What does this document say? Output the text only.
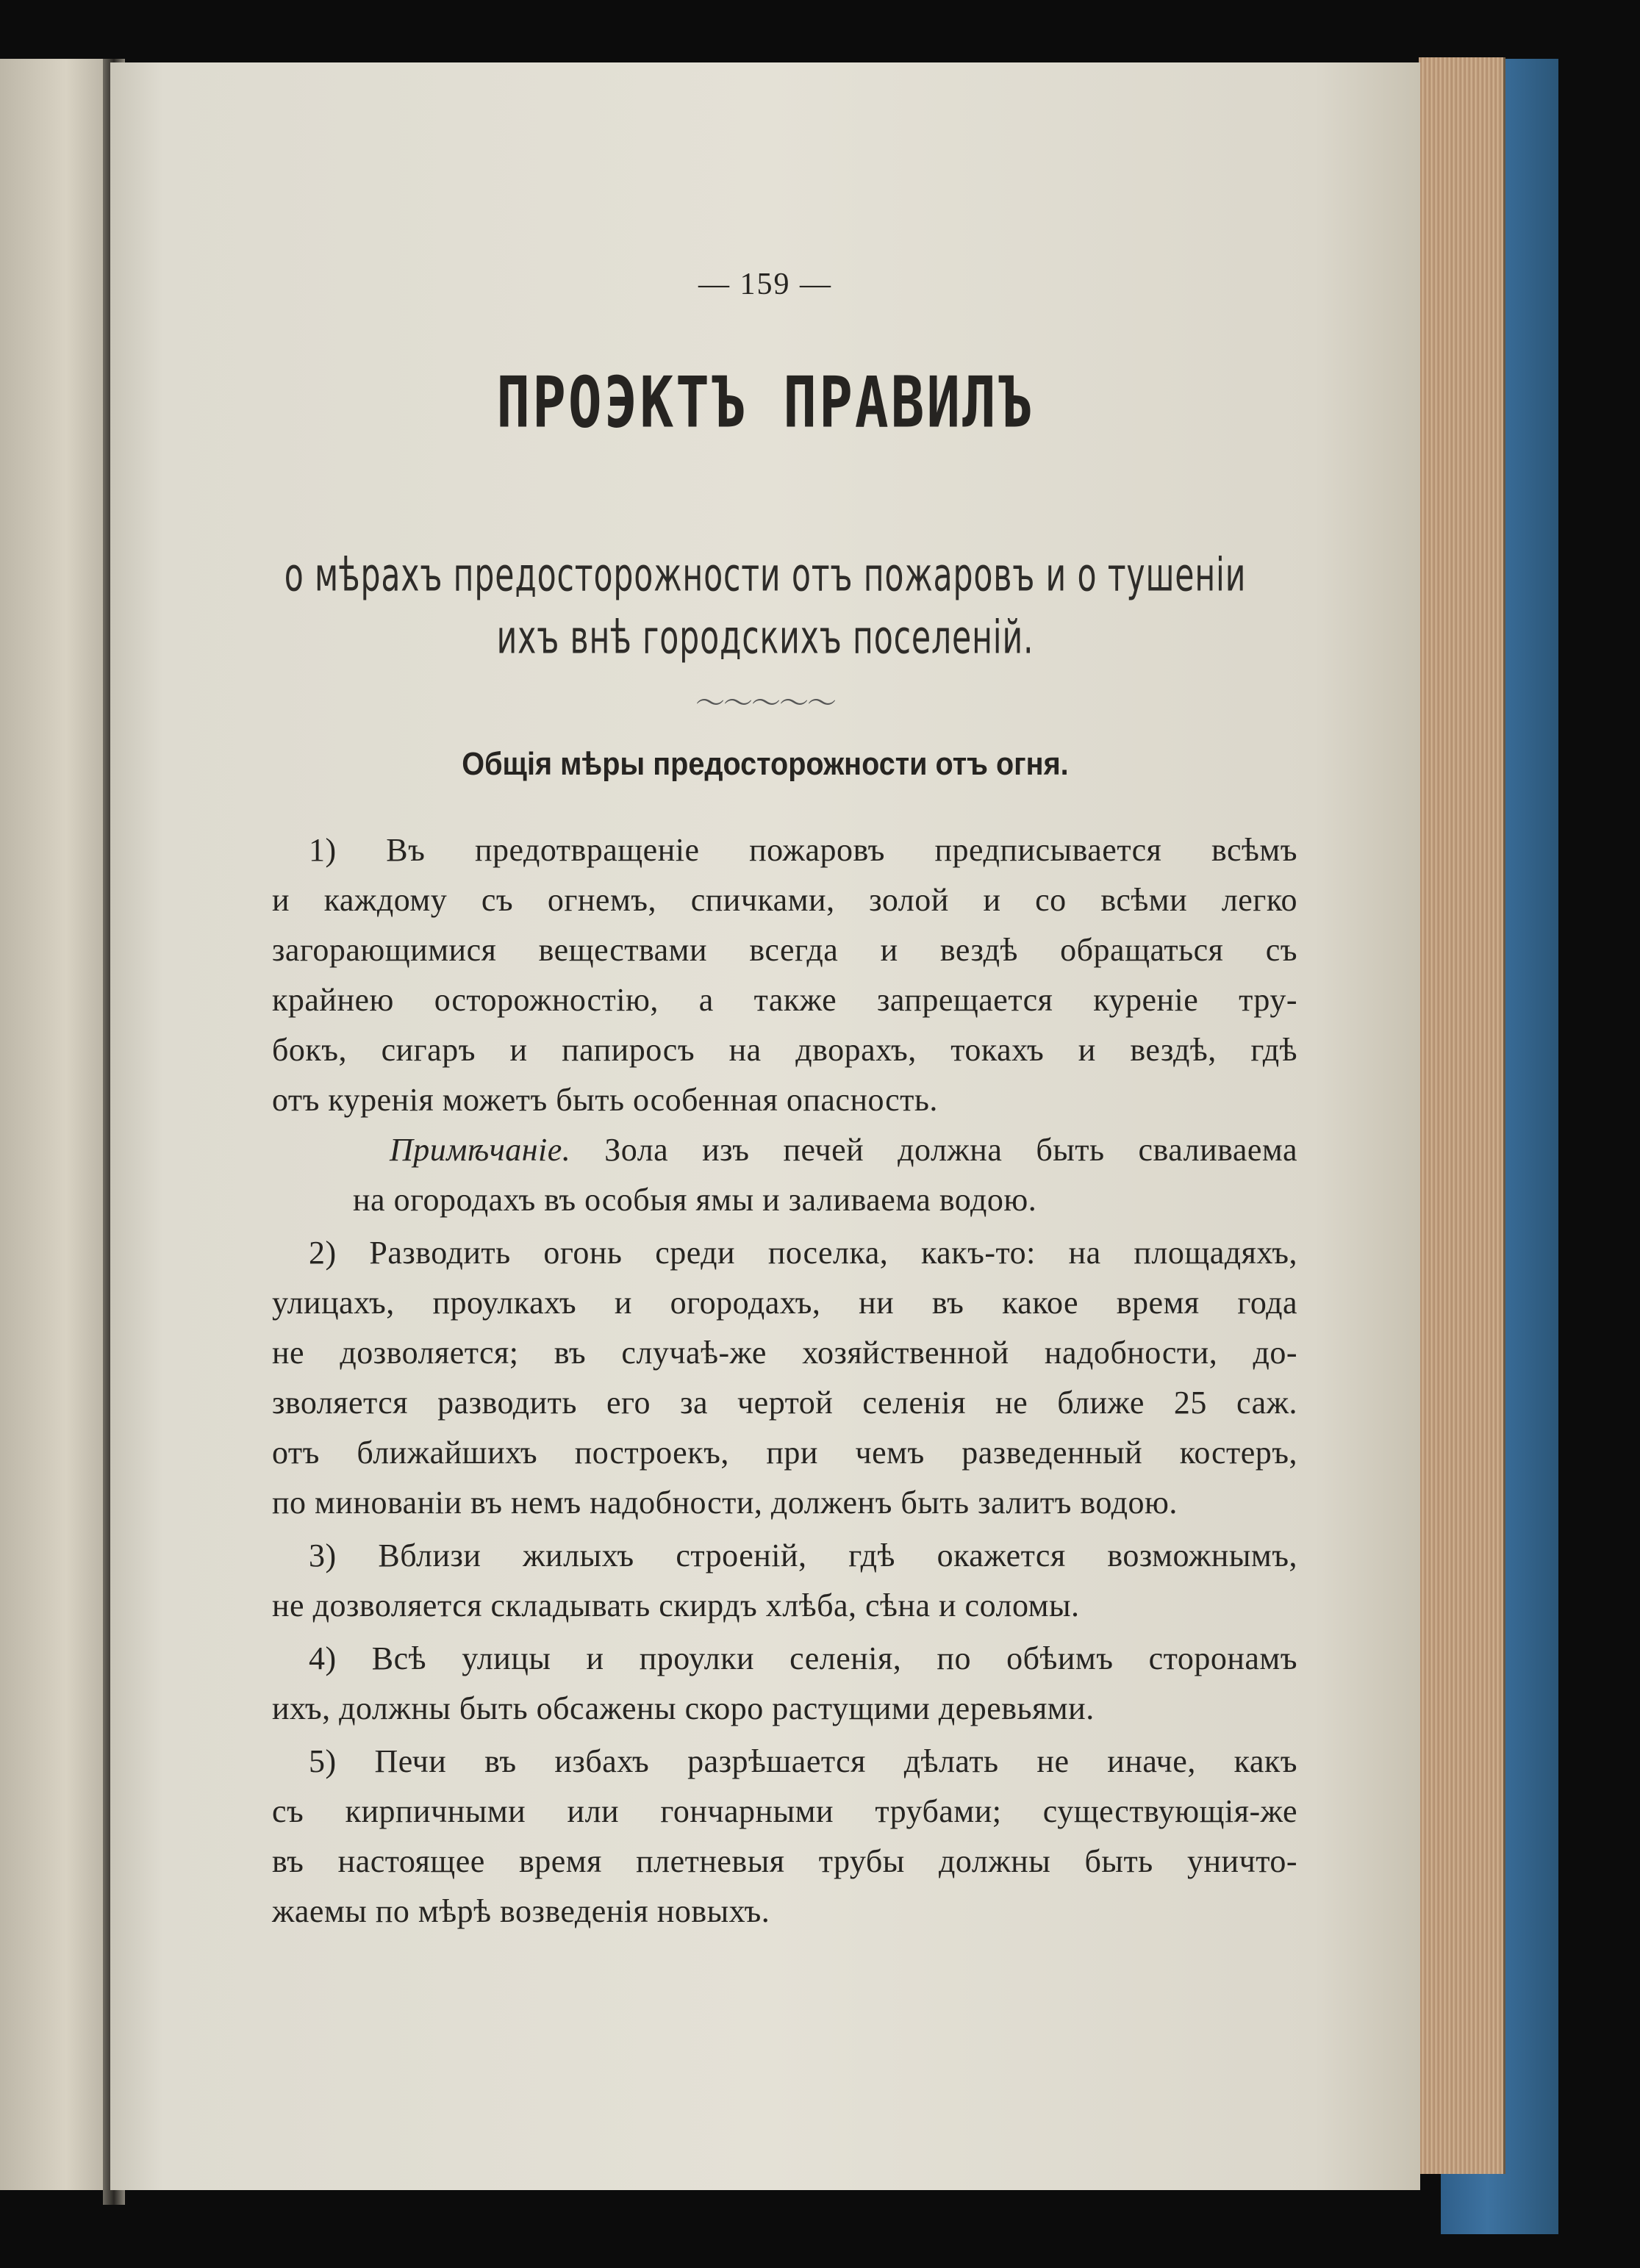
— 159 —
ПРОЭКТЪ ПРАВИЛЪ
о мѣрахъ предосторожности отъ пожаровъ и о тушеніи
ихъ внѣ городскихъ поселеній.
～～～～～
Общія мѣры предосторожности отъ огня.
1) Въ предотвращеніе пожаровъ предписывается всѣмъ
и каждому съ огнемъ, спичками, золой и со всѣми легко
загорающимися веществами всегда и вездѣ обращаться съ
крайнею осторожностію, а также запрещается куреніе тру-
бокъ, сигаръ и папиросъ на дворахъ, токахъ и вездѣ, гдѣ
отъ куренія можетъ быть особенная опасность.
Примѣчаніе. Зола изъ печей должна быть сваливаема
на огородахъ въ особыя ямы и заливаема водою.
2) Разводить огонь среди поселка, какъ-то: на площадяхъ,
улицахъ, проулкахъ и огородахъ, ни въ какое время года
не дозволяется; въ случаѣ-же хозяйственной надобности, до-
зволяется разводить его за чертой селенія не ближе 25 саж.
отъ ближайшихъ построекъ, при чемъ разведенный костеръ,
по минованіи въ немъ надобности, долженъ быть залитъ водою.
3) Вблизи жилыхъ строеній, гдѣ окажется возможнымъ,
не дозволяется складывать скирдъ хлѣба, сѣна и соломы.
4) Всѣ улицы и проулки селенія, по обѣимъ сторонамъ
ихъ, должны быть обсажены скоро растущими деревьями.
5) Печи въ избахъ разрѣшается дѣлать не иначе, какъ
съ кирпичными или гончарными трубами; существующія-же
въ настоящее время плетневыя трубы должны быть уничто-
жаемы по мѣрѣ возведенія новыхъ.
